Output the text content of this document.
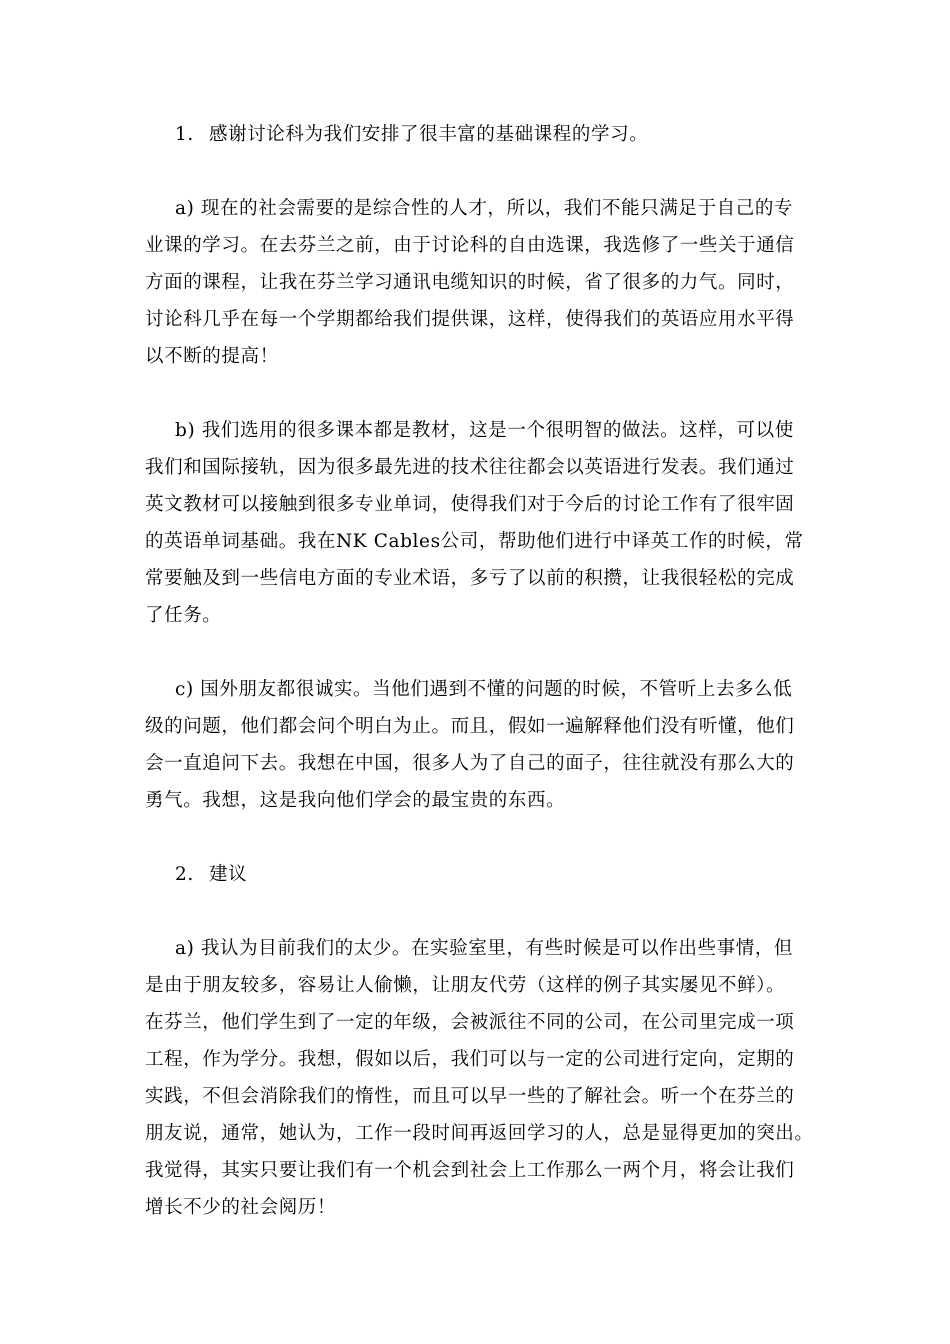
1. 感谢讨论科为我们安排了很丰富的基础课程的学习。

a) 现在的社会需要的是综合性的人才，所以，我们不能只满足于自己的专
业课的学习。在去芬兰之前，由于讨论科的自由选课，我选修了一些关于通信
方面的课程，让我在芬兰学习通讯电缆知识的时候，省了很多的力气。同时，
讨论科几乎在每一个学期都给我们提供课，这样，使得我们的英语应用水平得
以不断的提高！

b) 我们选用的很多课本都是教材，这是一个很明智的做法。这样，可以使
我们和国际接轨，因为很多最先进的技术往往都会以英语进行发表。我们通过
英文教材可以接触到很多专业单词，使得我们对于今后的讨论工作有了很牢固
的英语单词基础。我在NK Cables公司，帮助他们进行中译英工作的时候，常
常要触及到一些信电方面的专业术语，多亏了以前的积攒，让我很轻松的完成
了任务。

c) 国外朋友都很诚实。当他们遇到不懂的问题的时候，不管听上去多么低
级的问题，他们都会问个明白为止。而且，假如一遍解释他们没有听懂，他们
会一直追问下去。我想在中国，很多人为了自己的面子，往往就没有那么大的
勇气。我想，这是我向他们学会的最宝贵的东西。

2. 建议

a) 我认为目前我们的太少。在实验室里，有些时候是可以作出些事情，但
是由于朋友较多，容易让人偷懒，让朋友代劳（这样的例子其实屡见不鲜）。
在芬兰，他们学生到了一定的年级，会被派往不同的公司，在公司里完成一项
工程，作为学分。我想，假如以后，我们可以与一定的公司进行定向，定期的
实践，不但会消除我们的惰性，而且可以早一些的了解社会。听一个在芬兰的
朋友说，通常，她认为，工作一段时间再返回学习的人，总是显得更加的突出。
我觉得，其实只要让我们有一个机会到社会上工作那么一两个月，将会让我们
增长不少的社会阅历！
